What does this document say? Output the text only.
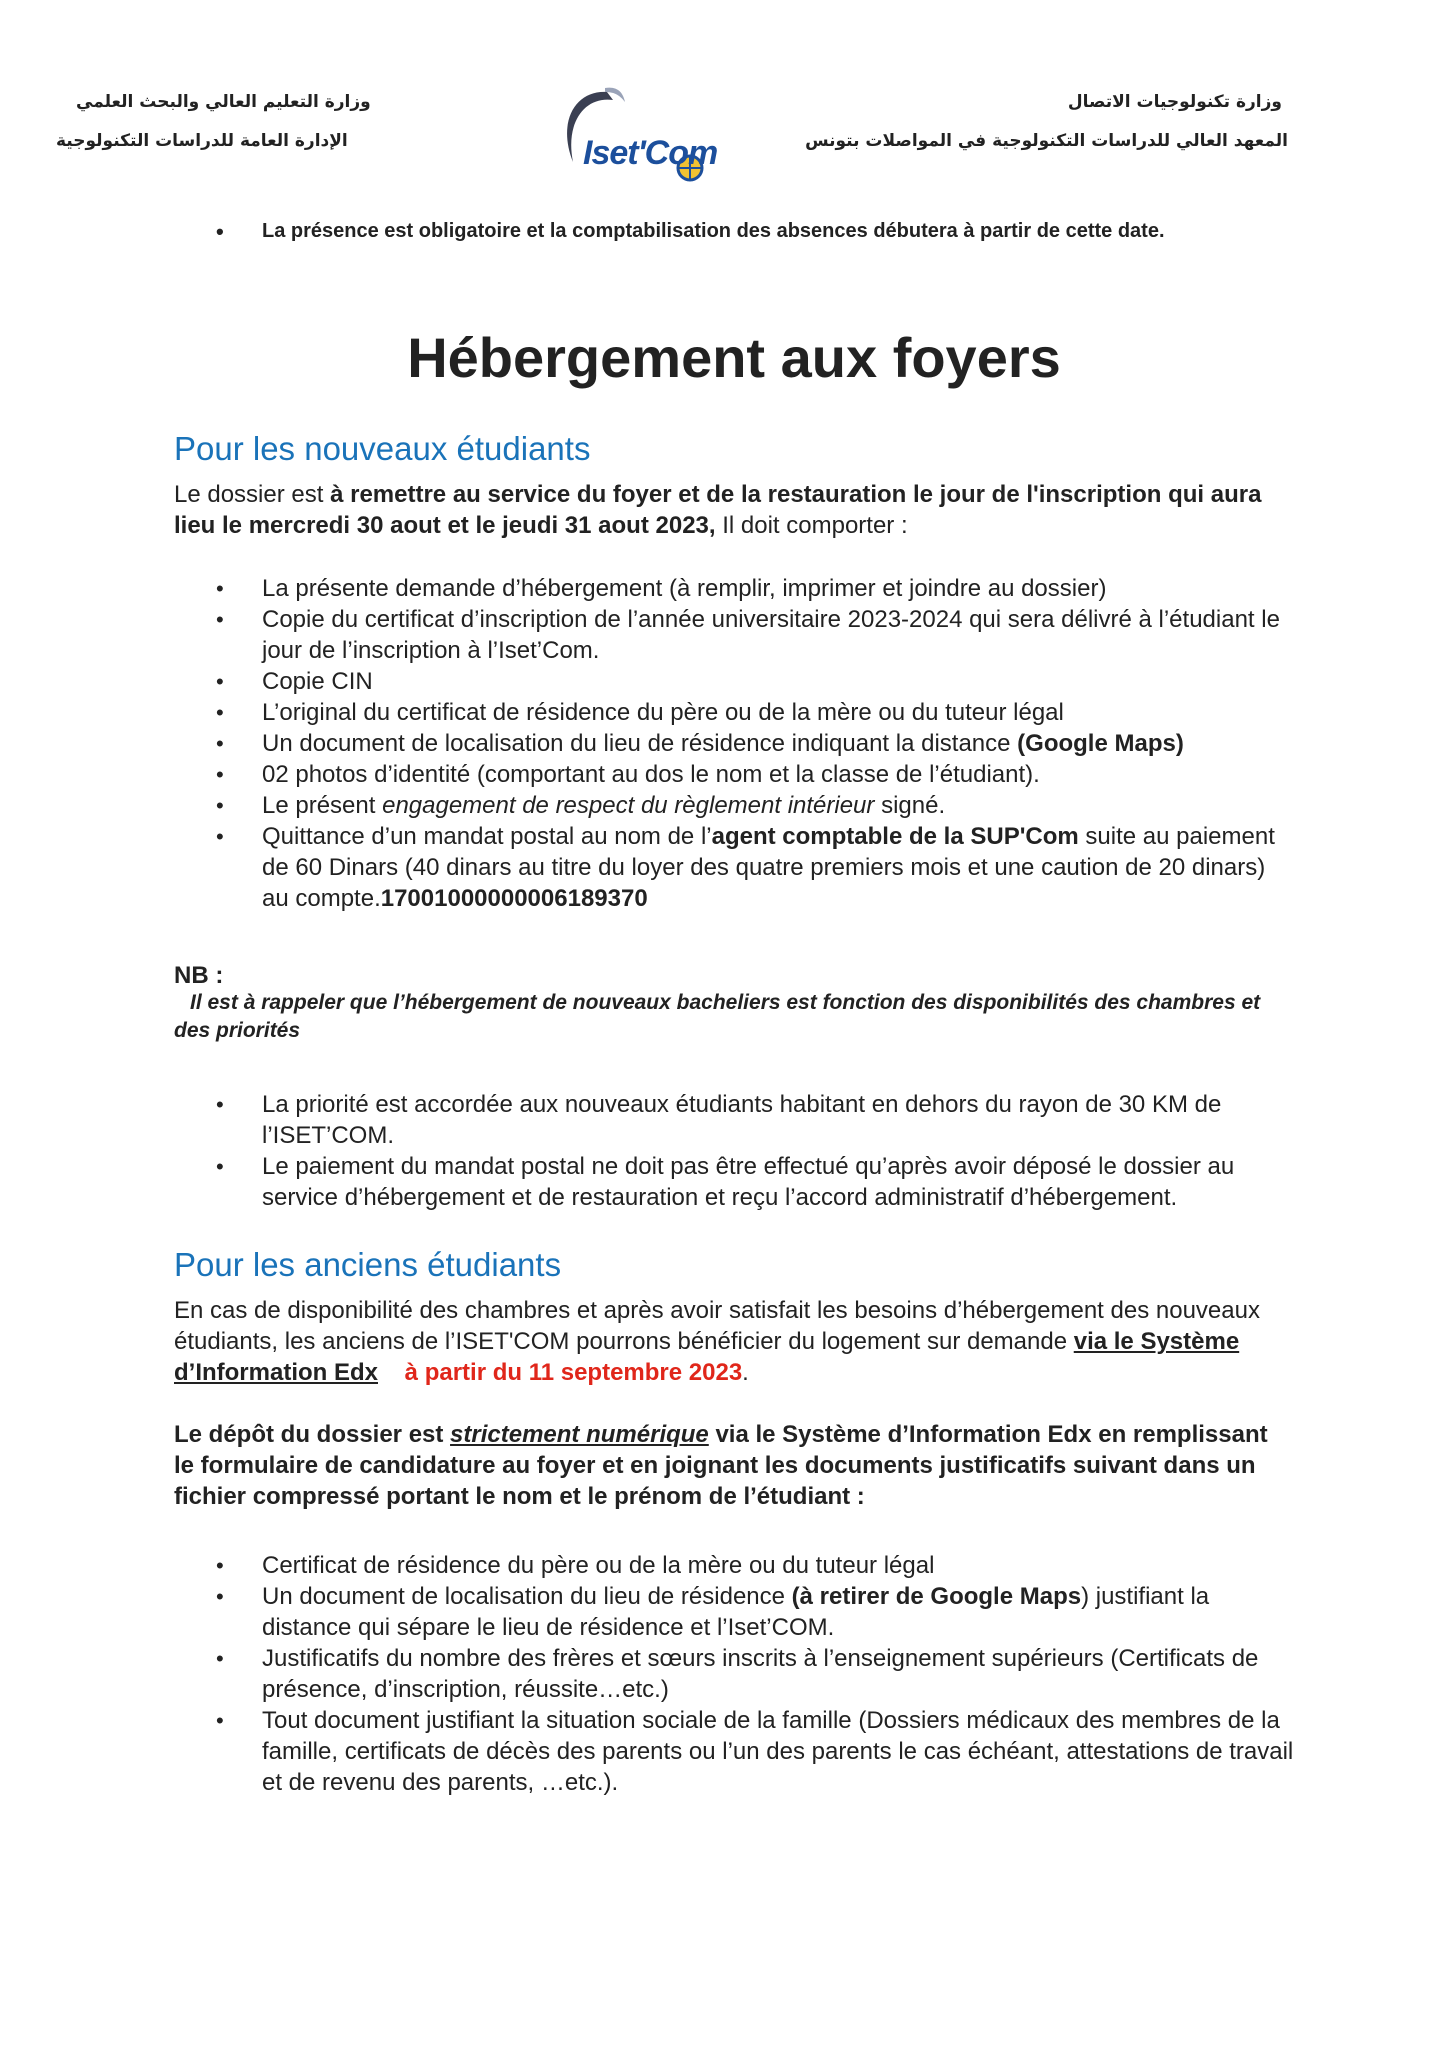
وزارة التعليم العالي والبحث العلمي
الإدارة العامة للدراسات التكنولوجية
وزارة تكنولوجيات الاتصال
المعهد العالي للدراسات التكنولوجية في المواصلات بتونس
Iset'Com
• La présence est obligatoire et la comptabilisation des absences débutera à partir de cette date.
Hébergement aux foyers
Pour les nouveaux étudiants

Le dossier est à remettre au service du foyer et de la restauration le jour de l'inscription qui aura lieu le mercredi 30 aout et le jeudi 31 aout 2023, Il doit comporter :

• La présente demande d’hébergement (à remplir, imprimer et joindre au dossier)
• Copie du certificat d’inscription de l’année universitaire 2023-2024 qui sera délivré à l’étudiant le jour de l’inscription à l’Iset’Com.
• Copie CIN
• L’original du certificat de résidence du père ou de la mère ou du tuteur légal
• Un document de localisation du lieu de résidence indiquant la distance (Google Maps)
• 02 photos d’identité (comportant au dos le nom et la classe de l’étudiant).
• Le présent engagement de respect du règlement intérieur signé.
• Quittance d’un mandat postal au nom de l’agent comptable de la SUP'Com suite au paiement de 60 Dinars (40 dinars au titre du loyer des quatre premiers mois et une caution de 20 dinars) au compte.17001000000006189370
NB :
Il est à rappeler que l’hébergement de nouveaux bacheliers est fonction des disponibilités des chambres et des priorités
• La priorité est accordée aux nouveaux étudiants habitant en dehors du rayon de 30 KM de l’ISET’COM.
• Le paiement du mandat postal ne doit pas être effectué qu’après avoir déposé le dossier au service d’hébergement et de restauration et reçu l’accord administratif d’hébergement.
Pour les anciens étudiants

En cas de disponibilité des chambres et après avoir satisfait les besoins d’hébergement des nouveaux étudiants, les anciens de l’ISET'COM pourrons bénéficier du logement sur demande via le Système d’Information Edx à partir du 11 septembre 2023.

Le dépôt du dossier est strictement numérique via le Système d’Information Edx en remplissant le formulaire de candidature au foyer et en joignant les documents justificatifs suivant dans un fichier compressé portant le nom et le prénom de l’étudiant :

• Certificat de résidence du père ou de la mère ou du tuteur légal
• Un document de localisation du lieu de résidence (à retirer de Google Maps) justifiant la distance qui sépare le lieu de résidence et l’Iset’COM.
• Justificatifs du nombre des frères et sœurs inscrits à l’enseignement supérieurs (Certificats de présence, d’inscription, réussite…etc.)
• Tout document justifiant la situation sociale de la famille (Dossiers médicaux des membres de la famille, certificats de décès des parents ou l’un des parents le cas échéant, attestations de travail et de revenu des parents, …etc.).
